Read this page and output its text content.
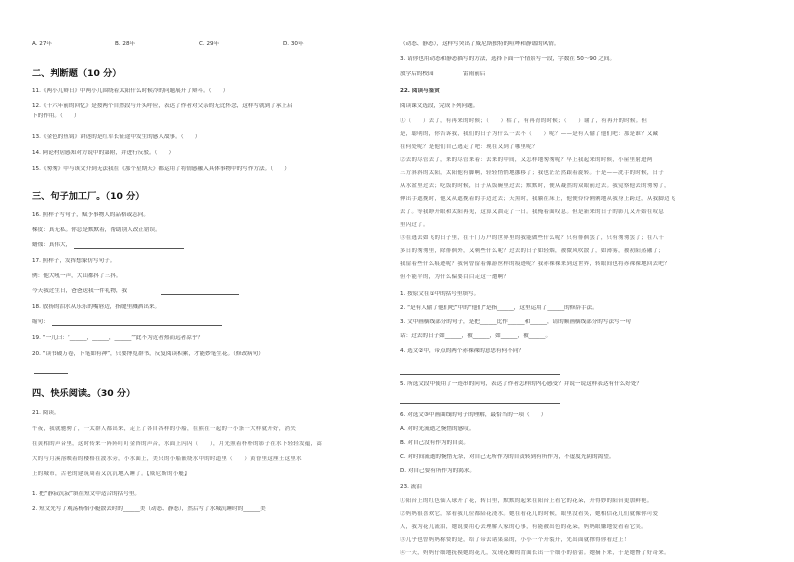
A. 27年	B. 28年	C. 29年	D. 30年
二、判断题（10 分）
11.《两小儿辩日》中两小儿围绕着太阳什么时候冷的问题展开了辩斗。（　　）
12.《十六年前的回忆》是按两个自然段与开头呼应，表达了作者对父亲的无比怀念，这样写就到了承上启
下的作用。（　　）
13.《金色的鱼钩》讲述的是红军长征途中发生的感人故事。（　　）
14. 阿论村居感知对方说中的第附，并进行反驳。（　　）
15.《匆匆》中与该文介到无法我在《那个星期天》都运用了将情感融入具体事物中的写作方法。（　　）
三、句子加工厂。（10 分）
16. 照样子写句子，赋予事物人的品格或志向。
梯皮：真无私。你总是默默着，帮助别人改正错误。
蜡烛：真伟大，
17. 照样子，发挥想象仿写句子。
例：他大吼一声，大山都抖了三抖。
今天我过生日，爸爸送我一件礼物，我
18. 放扬的泪水从乐乐的嘴唇边，指缝里溅洒出来。
缩句：
19. “一儿曰：‘______，______，______’”此不为近者热而远者凉乎？
20. “读书破万卷，下笔如有神”，只要博览群书，反复阅读积累，才能妙笔生花。（修改病句）
四、快乐阅读。（30 分）
21. 阅读。
午夜，我就驰骋了，一太群人都出来，走上了各自各样的小船，在熊在一起的一小条一大样就开好，消失
在黄相的声音里，这时传来一阵阵叮叮金咨的声音，水面上闪闪（　　），月光照着朴朴的影子在水下轻轻发蕴，嵩
大的与月溪溶映着的楼格在波水旁，小水面上，美只的小船嵌绕水中的时道里（　　）黄昏里这座王这里水
上的城市，古老的建筑周着又沉沉地入睡了。【威尼斯的小艇】
1. 把“静寂沉寂”填在短文中适合的括号里。
2. 短文先写了观荡杨怡小艇散去时的______美（动态、静态），然后写了水城沉睡时的______美
（动态、静态），这样写突出了威尼斯独特的喧哗和静谧的风情。
3. 请你也用动态和静态描写的方法，选择下面一个情景写一段，字数在 50～90 之间。
放学后的校园	雷雨前后
22. 阅读与鉴赏
阅读课文选段，完成下列问题。
①（　　）去了，有再来的时候；（　　）枯了，有再青的时候；（　　）谢了，有再开的时候。但
是，聪明的，你告诉我，我们的日子为什么一去不（　　）呢？——是有人偷了他们吧：那是谁？又藏
在何处呢？是他们自己逃走了吧：现在又到了哪里呢？
②去的尽管去了，来的尽管来着：去来的中间，又怎样地匆匆呢？早上我起来的时候，小屋里射进两
三方斜斜的太阳，太阳他有脚啊，轻轻悄悄地挪移了；我也茫茫然跟着旋转。于是——洗手的时候，日子
从水盆里过去；吃饭的时候，日子从饭碗里过去；默默时，便从凝然的双眼前过去。我觉察他去的匆匆了，
伸出手遮挽时，他又从遮挽着的手边过去；天黑时，我躺在床上，他便伶伶俐俐地从我身上跨过，从我脚边飞
去了。等我睁开眼和太阳再见，这算又溜走了一日。我掩着面叹息。但是新来的日子的影儿又开始在叹息
里闪过了。
③在逃去如飞的日子里，在千门万户的世界里的我能做些什么呢？只有徘徊罢了，只有匆匆罢了；在八千
多日的匆匆里，除徘徊外，又剩些什么呢？过去的日子如轻烟，被微风吹散了，如薄雾，被初阳蒸融了；
我留着些什么痕迹呢？我何曾留着像游丝样的痕迹呢？我赤裸裸来到这世界，转眼间也将赤裸裸地回去吧？
但不能平的，为什么偏要白白走这一遭啊？
1. 按原文在①中的括号里填写。
2. “是有人偷了他们吧”中的“他们”是指______，这里运用了______的修辞手法。
3. 文中画横线部分的句子，是把______比作______和______，请的顺画横线部分的写法写一句
话：过去的日子如______，被______，如______，被______。
4. 选文②中，带点的两个赤裸裸的意思有何不同？
5. 所选文段中使用了一连串的问句，表达了作者怎样的内心感受？并说一说这样表达有什么好处？
6. 对选文③中画曲线的句子的理解，最恰当的一项（　　）
A. 对时光流逝之惋惜的感叹。
B. 对自己没有作为的自责。
C. 对时间流逝的惋惜无奈，对自己无所作为的自责转到有所作为，不虚度光阴的渴望。
D. 对自己要有所作为的渴求。
23. 流泪
①阳台上的红色仙人球开了花，转日里，默默的起来在阳台上看它的花朵，开得妙的阳台更加鲜艳。
②妈妈很喜欢它，常看我几位都陪花浇水。她在看花儿的时候，眼里没看笑，她相信花儿们就像你可爱
人，我为花儿流泪，她说要用心去理解人家的心事，有能被出色的花朵，妈妈眼嫌地爱看着它笑。
③几乎也曾妈妈称赞的是，给了带去诸果菜的，小小一个开裂开，先出面就撑得你看过上！
④一天，妈妈仔细地抚摸她的花儿，发现花瓣的背面长出一个细小的蓓蕾。她摘下来，于是她瞥了好奇来。
